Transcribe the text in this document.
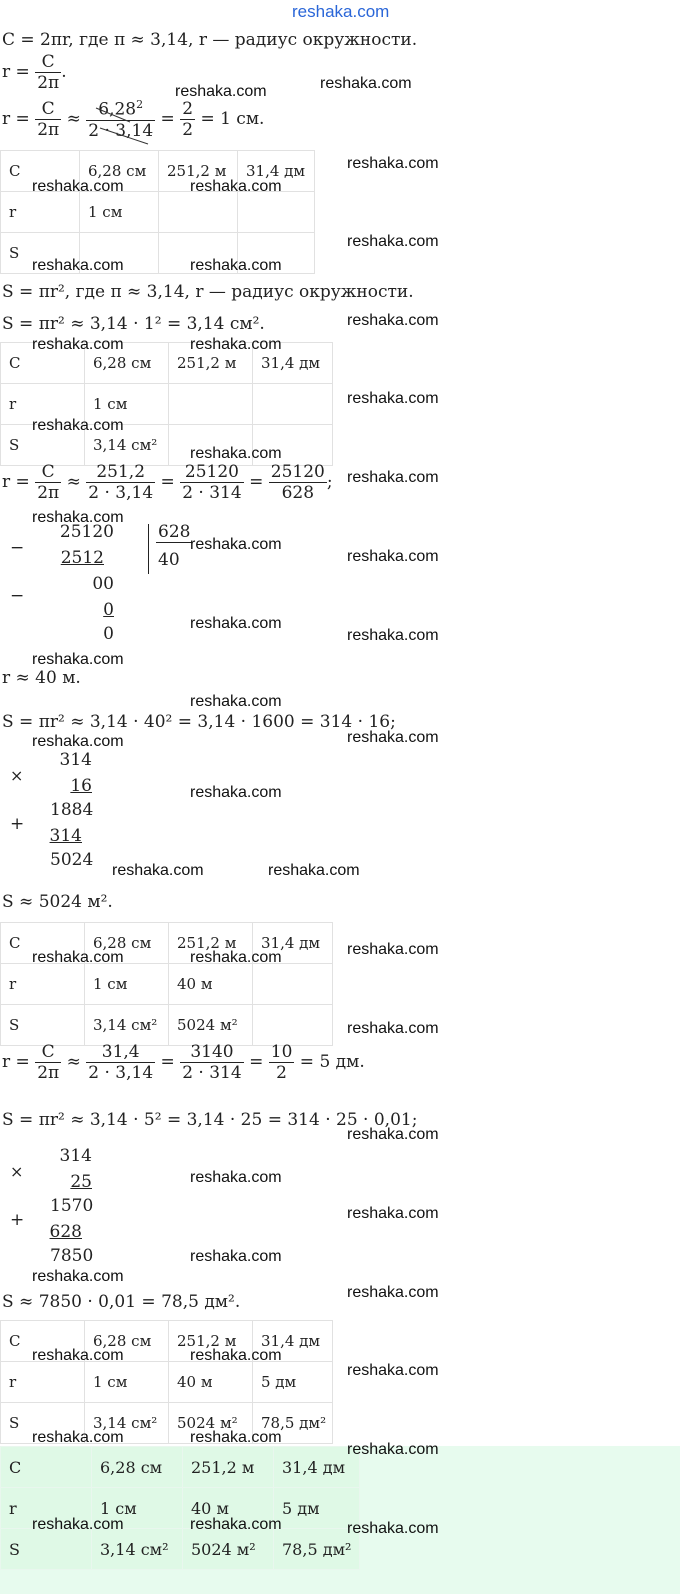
reshaka.com
C = 2πr, где π ≈ 3,14, r — радиус окружности.
$r = \frac{C}{2\pi}$ .
$r = \frac{C}{2\pi} \approx \frac{6,28^2}{2 \cdot 3,14} = \frac{2}{2} = 1$ см.
C	6,28 см	251,2 м	31,4 дм
r	1 см		
S			
S = πr², где π ≈ 3,14, r — радиус окружности.
S = πr² ≈ 3,14 · 1² = 3,14 см².
C	6,28 см	251,2 м	31,4 дм
r	1 см		
S	3,14 см²		
$r = \frac{C}{2\pi} \approx \frac{251,2}{2 \cdot 3,14} = \frac{25120}{2 \cdot 314} = \frac{25120}{628}$ ;
−
25120
2512
−
00
0
0
628
40
r ≈ 40 м.
S = πr² ≈ 3,14 · 40² = 3,14 · 1600 = 314 · 16;
×
314
16
1884
+
314
5024
S ≈ 5024 м².
C	6,28 см	251,2 м	31,4 дм
r	1 см	40 м	
S	3,14 см²	5024 м²	
$r = \frac{C}{2\pi} \approx \frac{31,4}{2 \cdot 3,14} = \frac{3140}{2 \cdot 314} = \frac{10}{2} = 5$ дм.
S = πr² ≈ 3,14 · 5² = 3,14 · 25 = 314 · 25 · 0,01;
×
314
25
1570
+
628
7850
S ≈ 7850 · 0,01 = 78,5 дм².
C	6,28 см	251,2 м	31,4 дм
r	1 см	40 м	5 дм
S	3,14 см²	5024 м²	78,5 дм²
C	6,28 см	251,2 м	31,4 дм
r	1 см	40 м	5 дм
S	3,14 см²	5024 м²	78,5 дм²
reshaka.com	reshaka.com
reshaka.com
reshaka.com	reshaka.com
reshaka.com
reshaka.com	reshaka.com
reshaka.com
reshaka.com	reshaka.com
reshaka.com
reshaka.com
reshaka.com
reshaka.com
reshaka.com
reshaka.com
reshaka.com
reshaka.com
reshaka.com
reshaka.com
reshaka.com
reshaka.com	reshaka.com
reshaka.com
reshaka.com	reshaka.com
reshaka.com
reshaka.com	reshaka.com
reshaka.com
reshaka.com
reshaka.com
reshaka.com
reshaka.com
reshaka.com
reshaka.com
reshaka.com	reshaka.com
reshaka.com
reshaka.com	reshaka.com
reshaka.com
reshaka.com
reshaka.com	reshaka.com
